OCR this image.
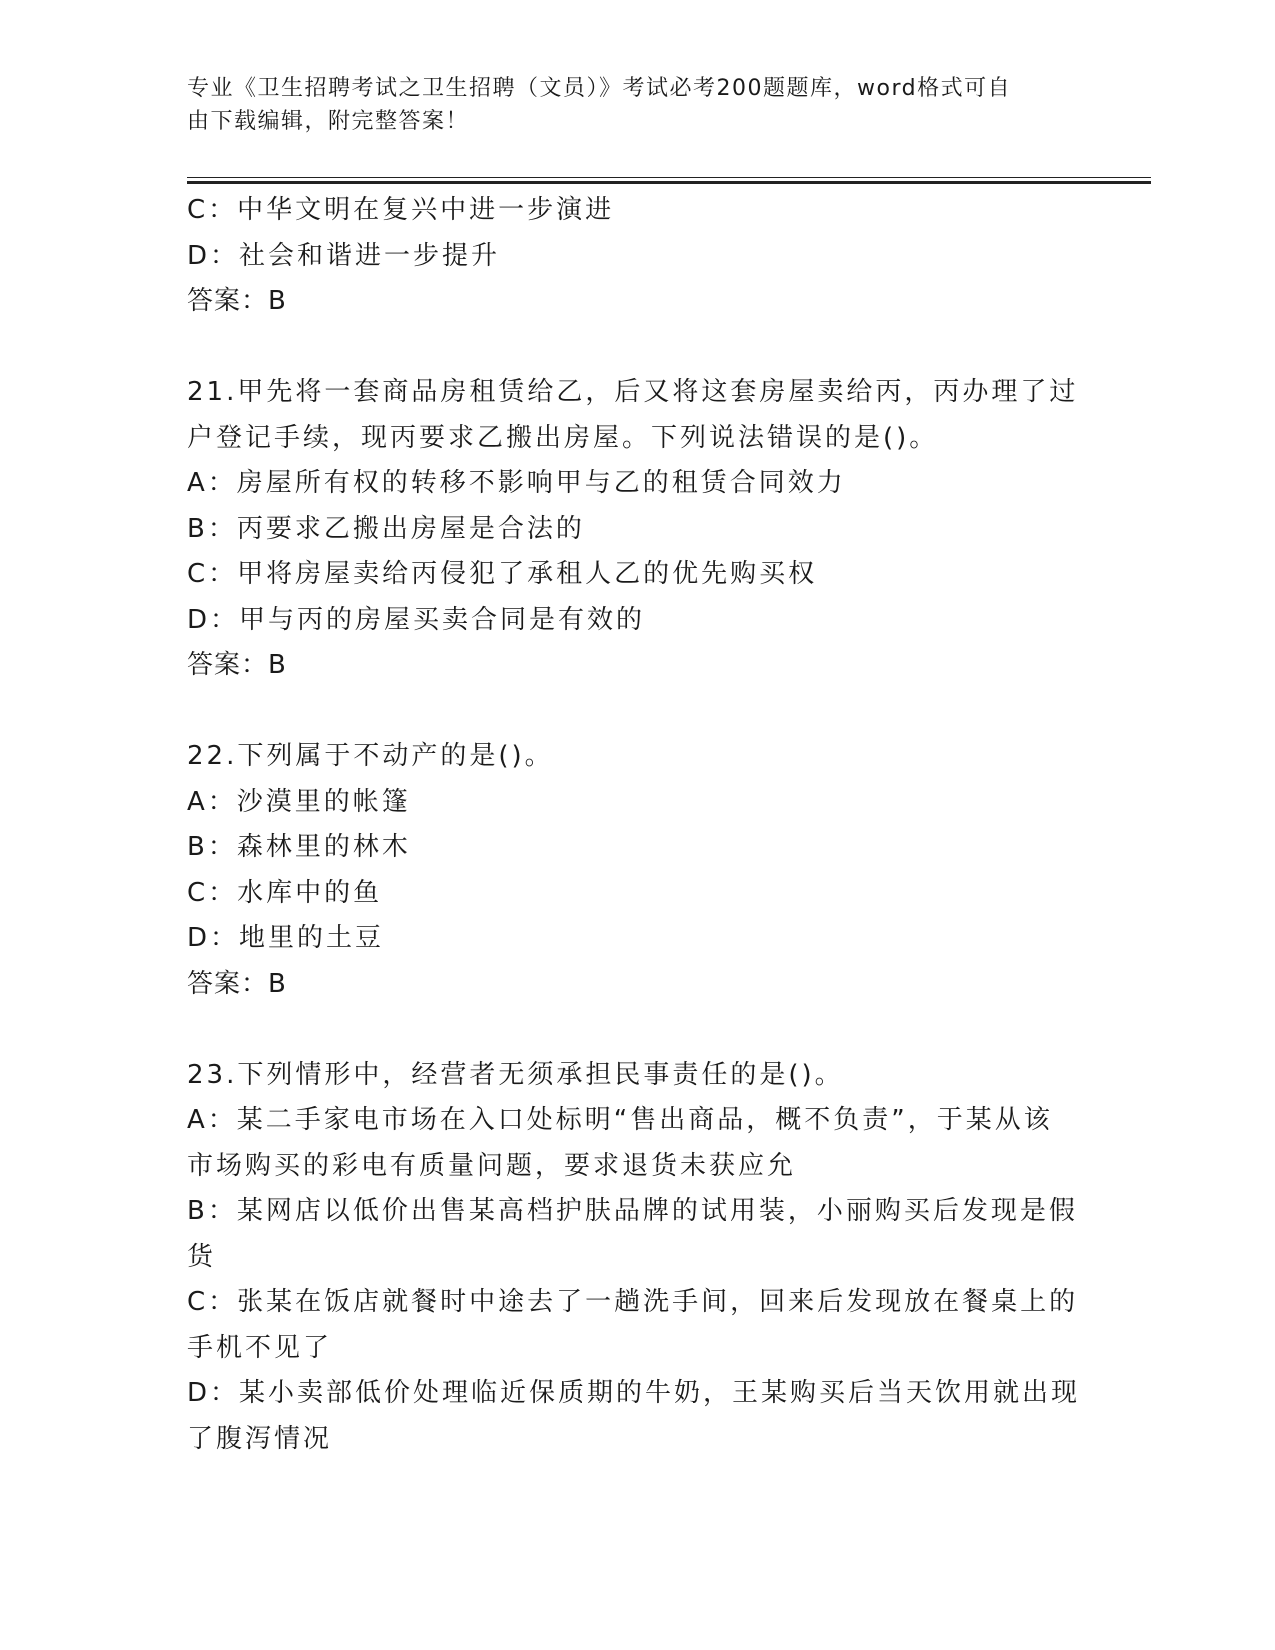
专业《卫生招聘考试之卫生招聘（文员）》考试必考200题题库，word格式可自
由下载编辑，附完整答案！
C：中华文明在复兴中进一步演进
D：社会和谐进一步提升
答案：B
21.甲先将一套商品房租赁给乙，后又将这套房屋卖给丙，丙办理了过
户登记手续，现丙要求乙搬出房屋。下列说法错误的是()。
A：房屋所有权的转移不影响甲与乙的租赁合同效力
B：丙要求乙搬出房屋是合法的
C：甲将房屋卖给丙侵犯了承租人乙的优先购买权
D：甲与丙的房屋买卖合同是有效的
答案：B
22.下列属于不动产的是()。
A：沙漠里的帐篷
B：森林里的林木
C：水库中的鱼
D：地里的土豆
答案：B
23.下列情形中，经营者无须承担民事责任的是()。
A：某二手家电市场在入口处标明“售出商品，概不负责”，于某从该
市场购买的彩电有质量问题，要求退货未获应允
B：某网店以低价出售某高档护肤品牌的试用装，小丽购买后发现是假
货
C：张某在饭店就餐时中途去了一趟洗手间，回来后发现放在餐桌上的
手机不见了
D：某小卖部低价处理临近保质期的牛奶，王某购买后当天饮用就出现
了腹泻情况
